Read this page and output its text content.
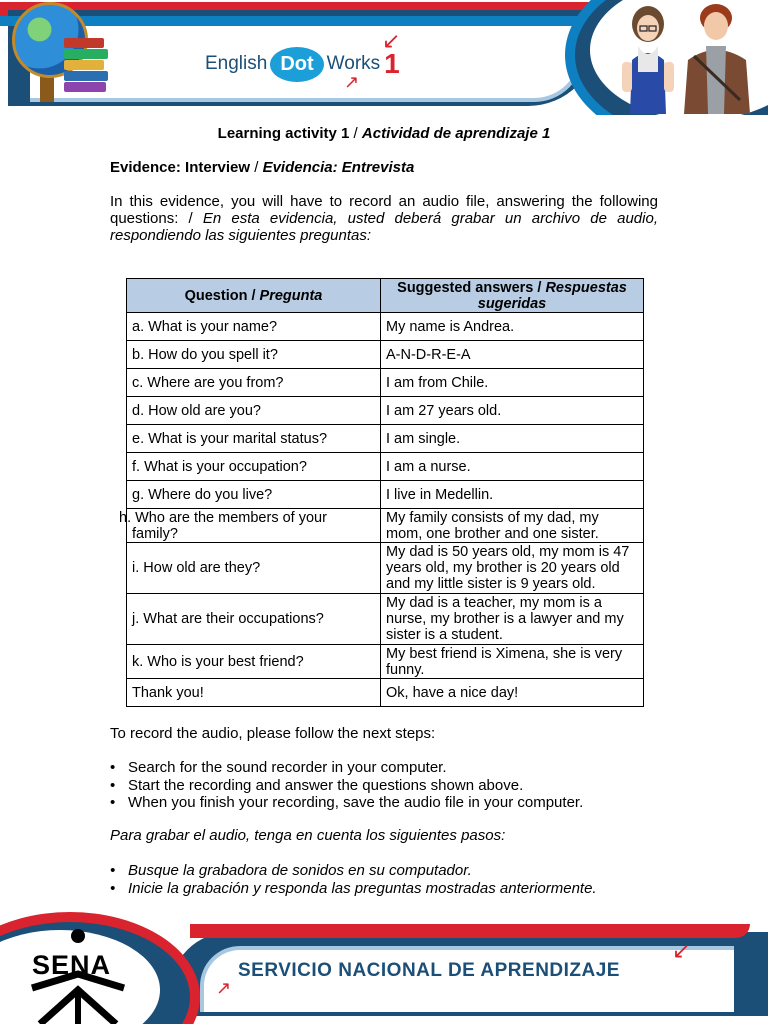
English Dot Works 1
↙
↗
Learning activity 1 / Actividad de aprendizaje 1
Evidence: Interview / Evidencia: Entrevista
In this evidence, you will have to record an audio file, answering the following questions: / En esta evidencia, usted deberá grabar un archivo de audio, respondiendo las siguientes preguntas:
Question / Pregunta	Suggested answers / Respuestas sugeridas
a. What is your name?	My name is Andrea.
b. How do you spell it?	A-N-D-R-E-A
c. Where are you from?	I am from Chile.
d. How old are you?	I am 27 years old.
e. What is your marital status?	I am single.
f. What is your occupation?	I am a nurse.
g. Where do you live?	I live in Medellin.
h. Who are the members of your family?	My family consists of my dad, my mom, one brother and one sister.
i. How old are they?	My dad is 50 years old, my mom is 47 years old, my brother is 20 years old and my little sister is 9 years old.
j. What are their occupations?	My dad is a teacher, my mom is a nurse, my brother is a lawyer and my sister is a student.
k. Who is your best friend?	My best friend is Ximena, she is very funny.
Thank you!	Ok, have a nice day!
To record the audio, please follow the next steps:
• Search for the sound recorder in your computer.
• Start the recording and answer the questions shown above.
• When you finish your recording, save the audio file in your computer.
Para grabar el audio, tenga en cuenta los siguientes pasos:
• Busque la grabadora de sonidos en su computador.
• Inicie la grabación y responda las preguntas mostradas anteriormente.
SENA	SERVICIO NACIONAL DE APRENDIZAJE
↙
↗
